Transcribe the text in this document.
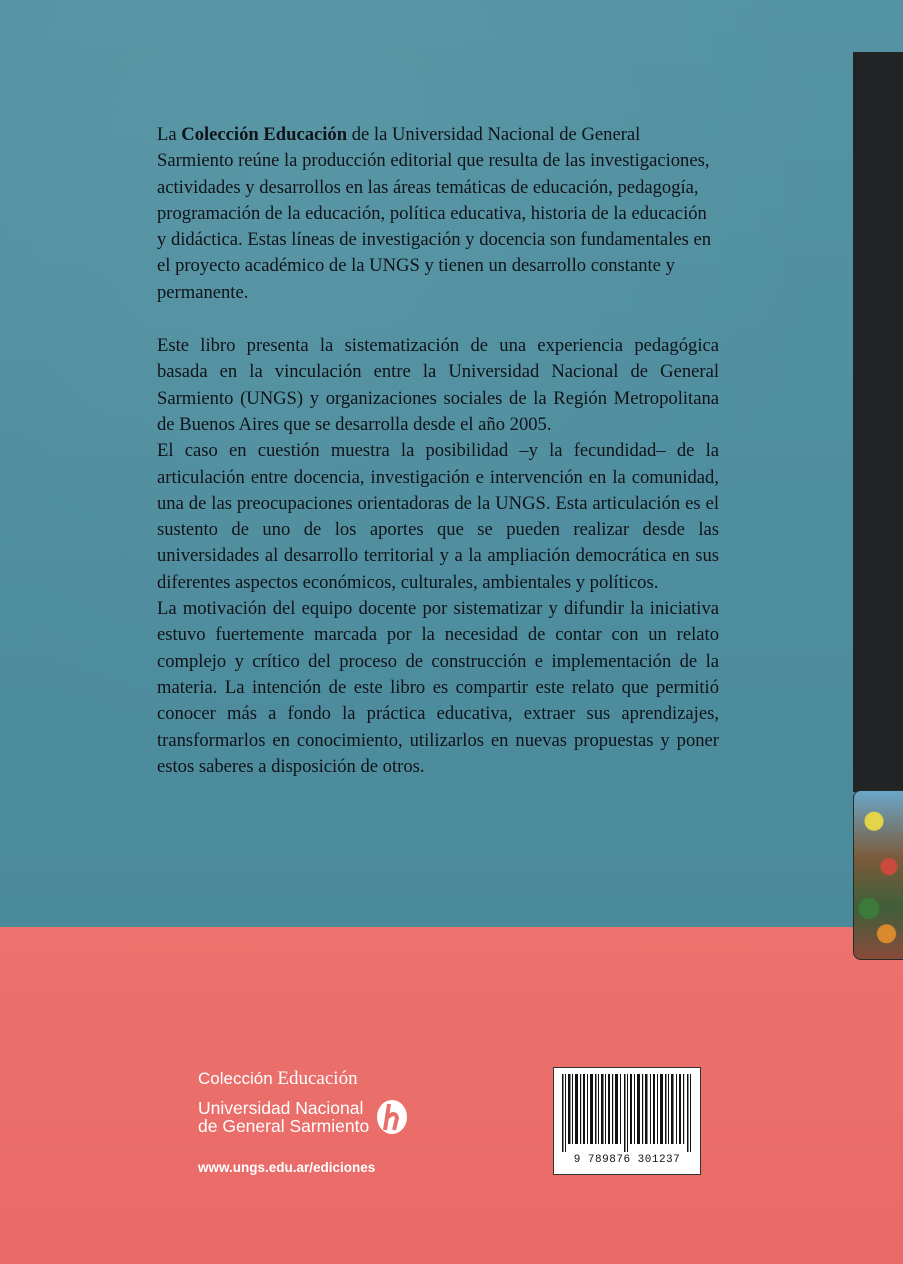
La Colección Educación de la Universidad Nacional de General Sarmiento reúne la producción editorial que resulta de las investigaciones, actividades y desarrollos en las áreas temáticas de educación, pedagogía, programación de la educación, política educativa, historia de la educación y didáctica. Estas líneas de investigación y docencia son fundamentales en el proyecto académico de la UNGS y tienen un desarrollo constante y permanente.

Este libro presenta la sistematización de una experiencia pedagógica basada en la vinculación entre la Universidad Nacional de General Sarmiento (UNGS) y organizaciones sociales de la Región Metropolitana de Buenos Aires que se desarrolla desde el año 2005.

El caso en cuestión muestra la posibilidad –y la fecundidad– de la articulación entre docencia, investigación e intervención en la comunidad, una de las preocupaciones orientadoras de la UNGS. Esta articulación es el sustento de uno de los aportes que se pueden realizar desde las universidades al desarrollo territorial y a la ampliación democrática en sus diferentes aspectos económicos, culturales, ambientales y políticos.

La motivación del equipo docente por sistematizar y difundir la iniciativa estuvo fuertemente marcada por la necesidad de contar con un relato complejo y crítico del proceso de construcción e implementación de la materia. La intención de este libro es compartir este relato que permitió conocer más a fondo la práctica educativa, extraer sus aprendizajes, transformarlos en conocimiento, utilizarlos en nuevas propuestas y poner estos saberes a disposición de otros.

Colección Educación
Universidad Nacional
de General Sarmiento
www.ungs.edu.ar/ediciones	9 789876 301237
